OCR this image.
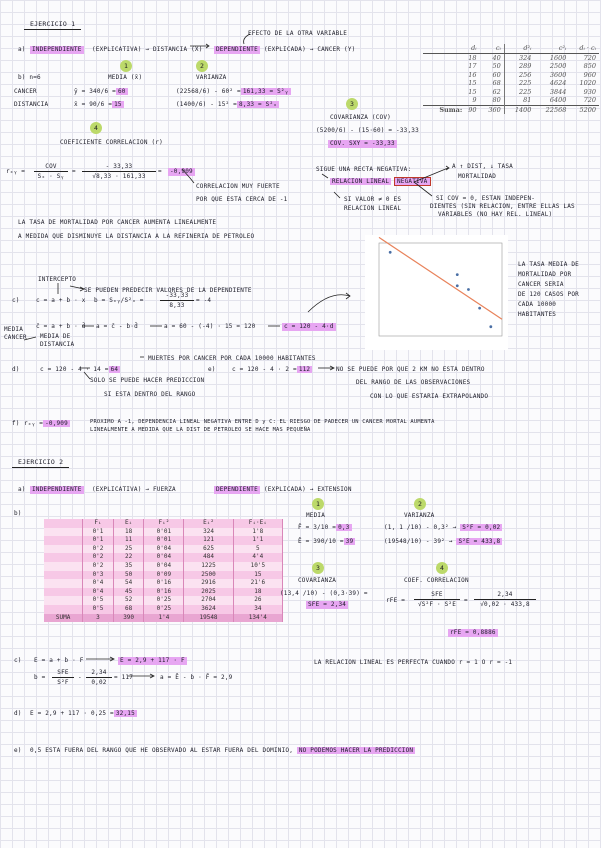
EJERCICIO 1
EFECTO DE LA OTRA VARIABLE
a)	INDEPENDIENTE	(EXPLICATIVA) → DISTANCIA (X)	DEPENDIENTE	(EXPLICADA) → CANCER (Y)
1	2
b) n=6	MEDIA (x̄)	VARIANZA
CANCER	ȳ = 340/6 = 60	(22568/6) - 60² = 161,33 = S²ᵧ
DISTANCIA	x̄ = 90/6 = 15	(1400/6) - 15² = 8,33 = S²ₓ	3
COVARIANZA (COV)
(5200/6) - (15·60) = -33,33
COV. SXY = -33,33
4
COEFICIENTE CORRELACION (r)
rₓᵧ =
COV
Sₓ · Sᵧ
=
- 33,33
√8,33 · 161,33
=	-0,909
CORRELACION MUY FUERTE
POR QUE ESTA CERCA DE -1
SIGUE UNA RECTA NEGATIVA:
RELACION LINEAL NEGATIVA
A ↑ DIST, ↓ TASA
MORTALIDAD
SI VALOR ≠ 0 ES
RELACION LINEAL
SI COV = 0, ESTAN INDEPEN-
DIENTES (SIN RELACION, ENTRE ELLAS LAS
VARIABLES (NO HAY REL. LINEAL)
LA TASA DE MORTALIDAD POR CANCER AUMENTA LINEALMENTE
A MEDIDA QUE DISMINUYE LA DISTANCIA A LA REFINERIA DE PETROLEO
dᵢ	cᵢ	d²ᵢ	c²ᵢ	dᵢ · cᵢ
18	40	324	1600	720
17	50	289	2500	850
16	60	256	3600	960
15	68	225	4624	1020
15	62	225	3844	930
9	80	81	6400	720
Suma: 90	360	1400	22568	5200
LA TASA MEDIA DE
MORTALIDAD POR
CANCER SERIA
DE 120 CASOS POR
CADA 10000
HABITANTES
INTERCEPTO
SE PUEDEN PREDECIR VALORES DE LA DEPENDIENTE
c)	c = a + b · x b = Sₓᵧ/S²ₓ =
-33,33
8,33
= -4
MEDIA
CANCER MEDIA DE
DISTANCIA
c̄ = a + b · d̄ a = c̄ - b·d̄	a = 60 - (-4) · 15 = 120	c = 120 - 4·d
MUERTES POR CANCER POR CADA 10000 HABITANTES
d)	c = 120 - 4 · 14 = 64
SOLO SE PUEDE HACER PREDICCION
SI ESTA DENTRO DEL RANGO
e)	c = 120 - 4 · 2 = 112	NO SE PUEDE POR QUE 2 KM NO ESTA DENTRO
DEL RANGO DE LAS OBSERVACIONES
CON LO QUE ESTARIA EXTRAPOLANDO
f) rₓᵧ = -0,909	PROXIMO A -1, DEPENDENCIA LINEAL NEGATIVA ENTRE D y C: EL RIESGO DE PADECER UN CANCER MORTAL AUMENTA
LINEALMENTE A MEDIDA QUE LA DIST DE PETROLEO SE HACE MAS PEQUEÑA
EJERCICIO 2
a)	INDEPENDIENTE	(EXPLICATIVA) → FUERZA	DEPENDIENTE	(EXPLICADA) → EXTENSION
b)
	Fᵢ	Eᵢ	Fᵢ²	Eᵢ²	Fᵢ·Eᵢ
	0'1	18	0'01	324	1'8
	0'1	11	0'01	121	1'1
	0'2	25	0'04	625	5
	0'2	22	0'04	484	4'4
	0'2	35	0'04	1225	10'5
	0'3	50	0'09	2500	15
	0'4	54	0'16	2916	21'6
	0'4	45	0'16	2025	18
	0'5	52	0'25	2704	26
	0'5	68	0'25	3624	34
SUMA	3	390	1'4	19548	134'4
1	2
MEDIA	VARIANZA
F̄ = 3/10 = 0,3	(1, 1 /10) - 0,3² → S²F = 0,02
Ē = 390/10 = 39	(19548/10) - 39² → S²E = 433,8
3	4
COVARIANZA	COEF. CORRELACION
(13,4 /10) - (0,3·39) =
SFE = 2,34
rFE =
SFE
√S²F · S²E
=
2,34
√0,02 · 433,8
rFE = 0,8886
c) E = a + b · F	E = 2,9 + 117 · F	LA RELACION LINEAL ES PERFECTA CUANDO r = 1 O r = -1
b =
SFE
S²F
-
2,34
0,02
= 117	a = Ē - b · F̄ = 2,9
d) E = 2,9 + 117 · 0,25 = 32,15
e) 0,5 ESTA FUERA DEL RANGO QUE HE OBSERVADO AL ESTAR FUERA DEL DOMINIO, NO PODEMOS HACER LA PREDICCION
